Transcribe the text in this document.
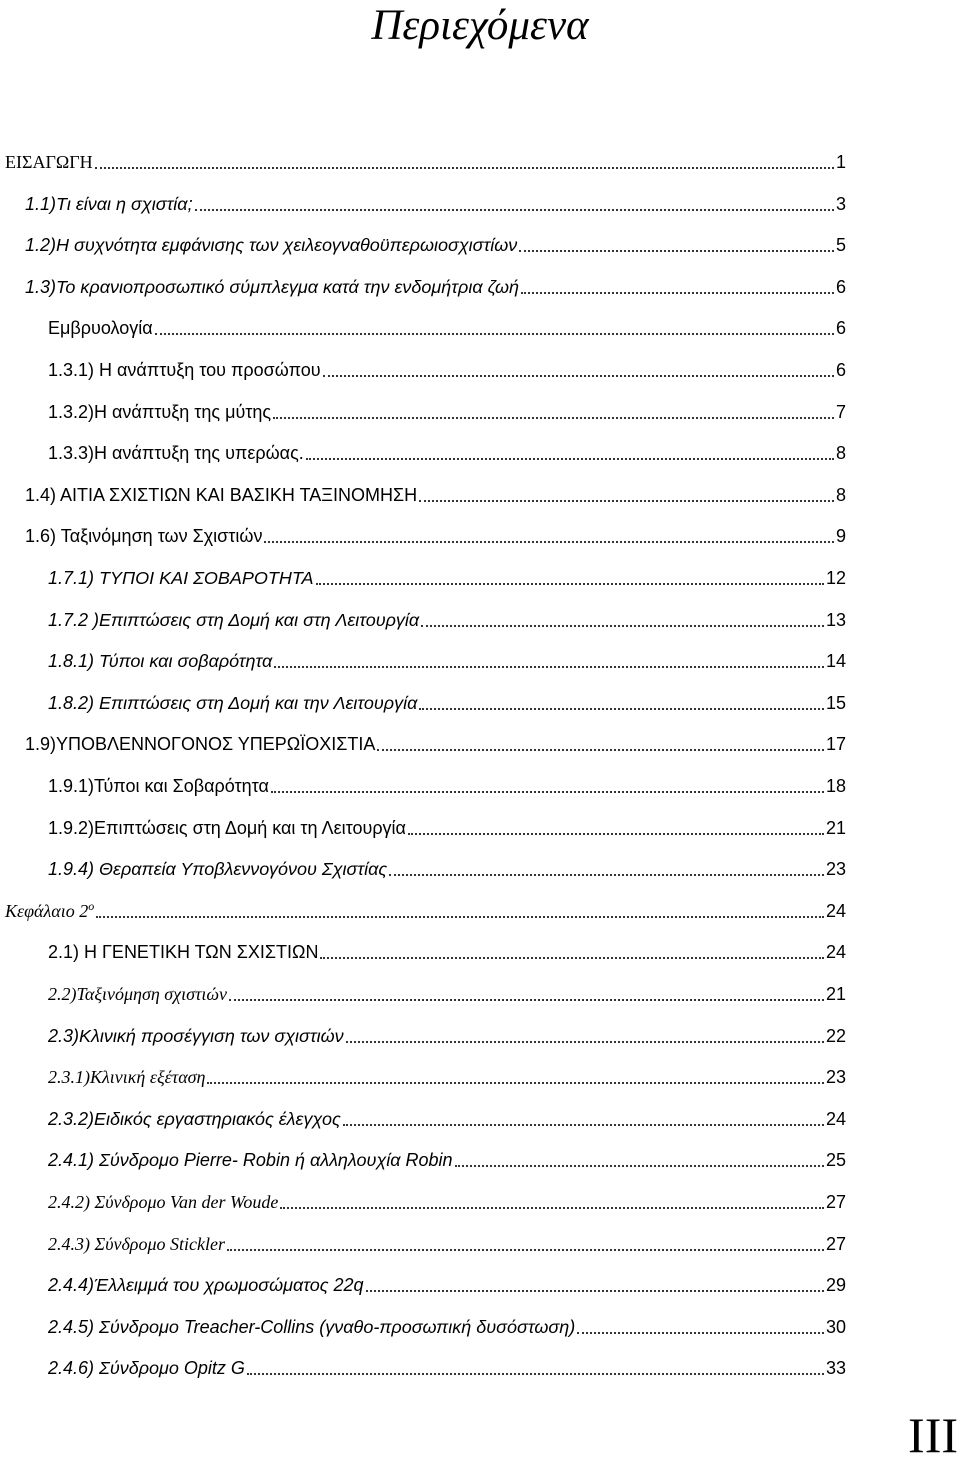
Περιεχόμενα
ΕΙΣΑΓΩΓΗ	1
1.1)Τι είναι η σχιστία;	3
1.2)Η συχνότητα εμφάνισης των χειλεογναθοϋπερωιοσχιστίων	5
1.3)Το κρανιοπροσωπικό σύμπλεγμα κατά την ενδομήτρια ζωή	6
Εμβρυολογία	6
1.3.1) Η ανάπτυξη του προσώπου	6
1.3.2)Η ανάπτυξη της μύτης	7
1.3.3)Η ανάπτυξη της υπερώας.	8
1.4) ΑΙΤΙΑ ΣΧΙΣΤΙΩΝ ΚΑΙ ΒΑΣΙΚΗ ΤΑΞΙΝΟΜΗΣΗ	8
1.6) Ταξινόμηση των Σχιστιών	9
1.7.1) ΤΥΠΟΙ ΚΑΙ ΣΟΒΑΡΟΤΗΤΑ	12
1.7.2 )Επιπτώσεις στη Δομή και στη Λειτουργία	13
1.8.1) Τύποι και σοβαρότητα	14
1.8.2) Επιπτώσεις στη Δομή και την Λειτουργία	15
1.9)ΥΠΟΒΛΕΝΝΟΓΟΝΟΣ ΥΠΕΡΩΪΟΧΙΣΤΙΑ	17
1.9.1)Τύποι και Σοβαρότητα	18
1.9.2)Επιπτώσεις στη Δομή και τη Λειτουργία	21
1.9.4) Θεραπεία Υποβλεννογόνου Σχιστίας	23
Κεφάλαιο $2^o$	24
2.1) Η ΓΕΝΕΤΙΚΗ ΤΩΝ ΣΧΙΣΤΙΩΝ	24
2.2)Ταξινόμηση σχιστιών	21
2.3)Κλινική προσέγγιση των σχιστιών	22
2.3.1)Κλινική εξέταση	23
2.3.2)Ειδικός εργαστηριακός έλεγχος	24
2.4.1) Σύνδρομο Pierre- Robin ή αλληλουχία Robin	25
2.4.2) Σύνδρομο Van der Woude	27
2.4.3) Σύνδρομο Stickler	27
2.4.4)Έλλειμμά του χρωμοσώματος 22q	29
2.4.5) Σύνδρομο Treacher-Collins (γναθο-προσωπική δυσόστωση)	30
2.4.6) Σύνδρομο Opitz G	33
III
